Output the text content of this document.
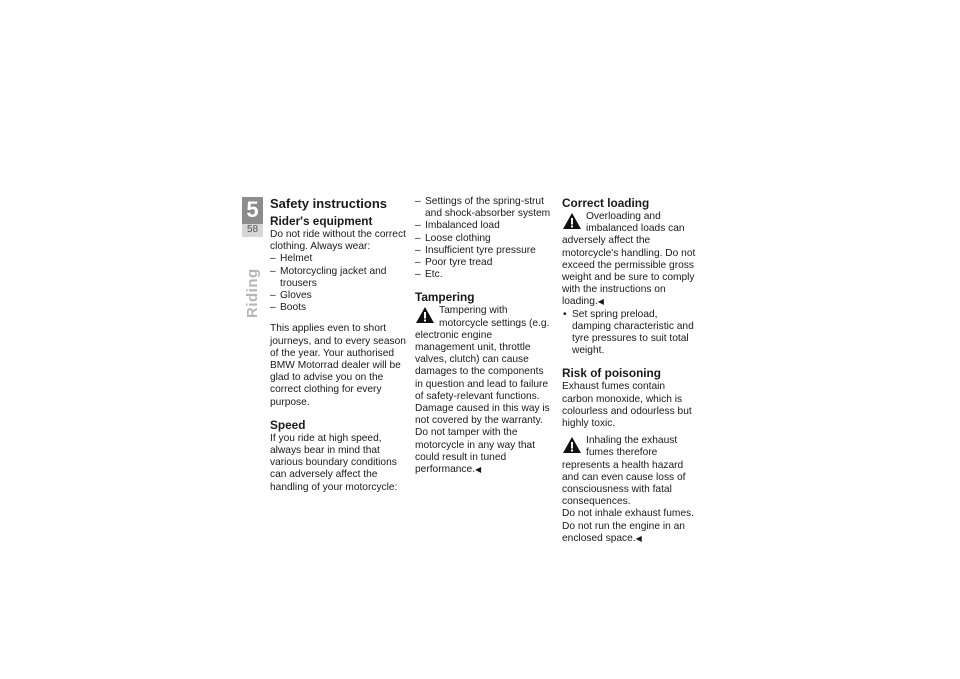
5
58
Riding
Safety instructions
Rider's equipment

Do not ride without the correct clothing. Always wear:

– Helmet
– Motorcycling jacket and trousers
– Gloves
– Boots

This applies even to short journeys, and to every season of the year. Your authorised BMW Motorrad dealer will be glad to advise you on the correct clothing for every purpose.

Speed

If you ride at high speed, always bear in mind that various boundary conditions can adversely affect the handling of your motorcycle:

– Settings of the spring-strut and shock-absorber system
– Imbalanced load
– Loose clothing
– Insufficient tyre pressure
– Poor tyre tread
– Etc.
Tampering

Tampering with motorcycle settings (e.g. electronic engine management unit, throttle valves, clutch) can cause damages to the components in question and lead to failure of safety-relevant functions. Damage caused in this way is not covered by the warranty.

Do not tamper with the motorcycle in any way that could result in tuned performance.◀

Correct loading

Overloading and imbalanced loads can adversely affect the motorcycle's handling. Do not exceed the permissible gross weight and be sure to comply with the instructions on loading.◀

• Set spring preload, damping characteristic and tyre pressures to suit total weight.
Risk of poisoning

Exhaust fumes contain carbon monoxide, which is colourless and odourless but highly toxic.

Inhaling the exhaust fumes therefore represents a health hazard and can even cause loss of consciousness with fatal consequences.

Do not inhale exhaust fumes.

Do not run the engine in an enclosed space.◀
